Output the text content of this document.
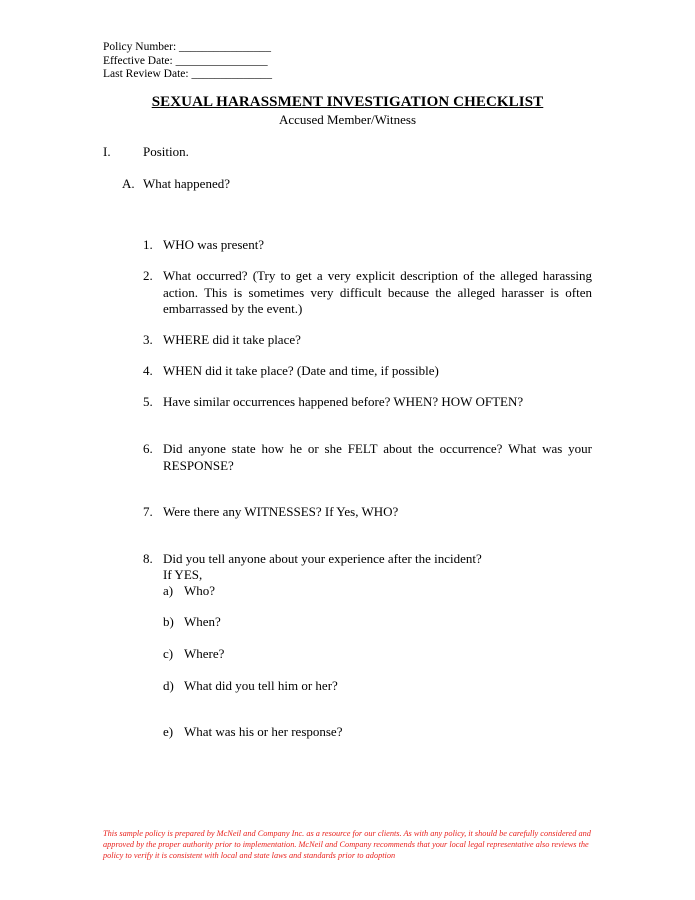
Policy Number: ________________
Effective Date: ________________
Last Review Date: ______________
SEXUAL HARASSMENT INVESTIGATION CHECKLIST
Accused Member/Witness
I. Position.
A. What happened?
1. WHO was present?
2. What occurred? (Try to get a very explicit description of the alleged harassing action. This is sometimes very difficult because the alleged harasser is often embarrassed by the event.)
3. WHERE did it take place?
4. WHEN did it take place? (Date and time, if possible)
5. Have similar occurrences happened before? WHEN? HOW OFTEN?
6. Did anyone state how he or she FELT about the occurrence? What was your RESPONSE?
7. Were there any WITNESSES? If Yes, WHO?
8. Did you tell anyone about your experience after the incident?
If YES,
a) Who?
b) When?
c) Where?
d) What did you tell him or her?
e) What was his or her response?
This sample policy is prepared by McNeil and Company Inc. as a resource for our clients. As with any policy, it should be carefully considered and approved by the proper authority prior to implementation. McNeil and Company recommends that your local legal representative also reviews the policy to verify it is consistent with local and state laws and standards prior to adoption
